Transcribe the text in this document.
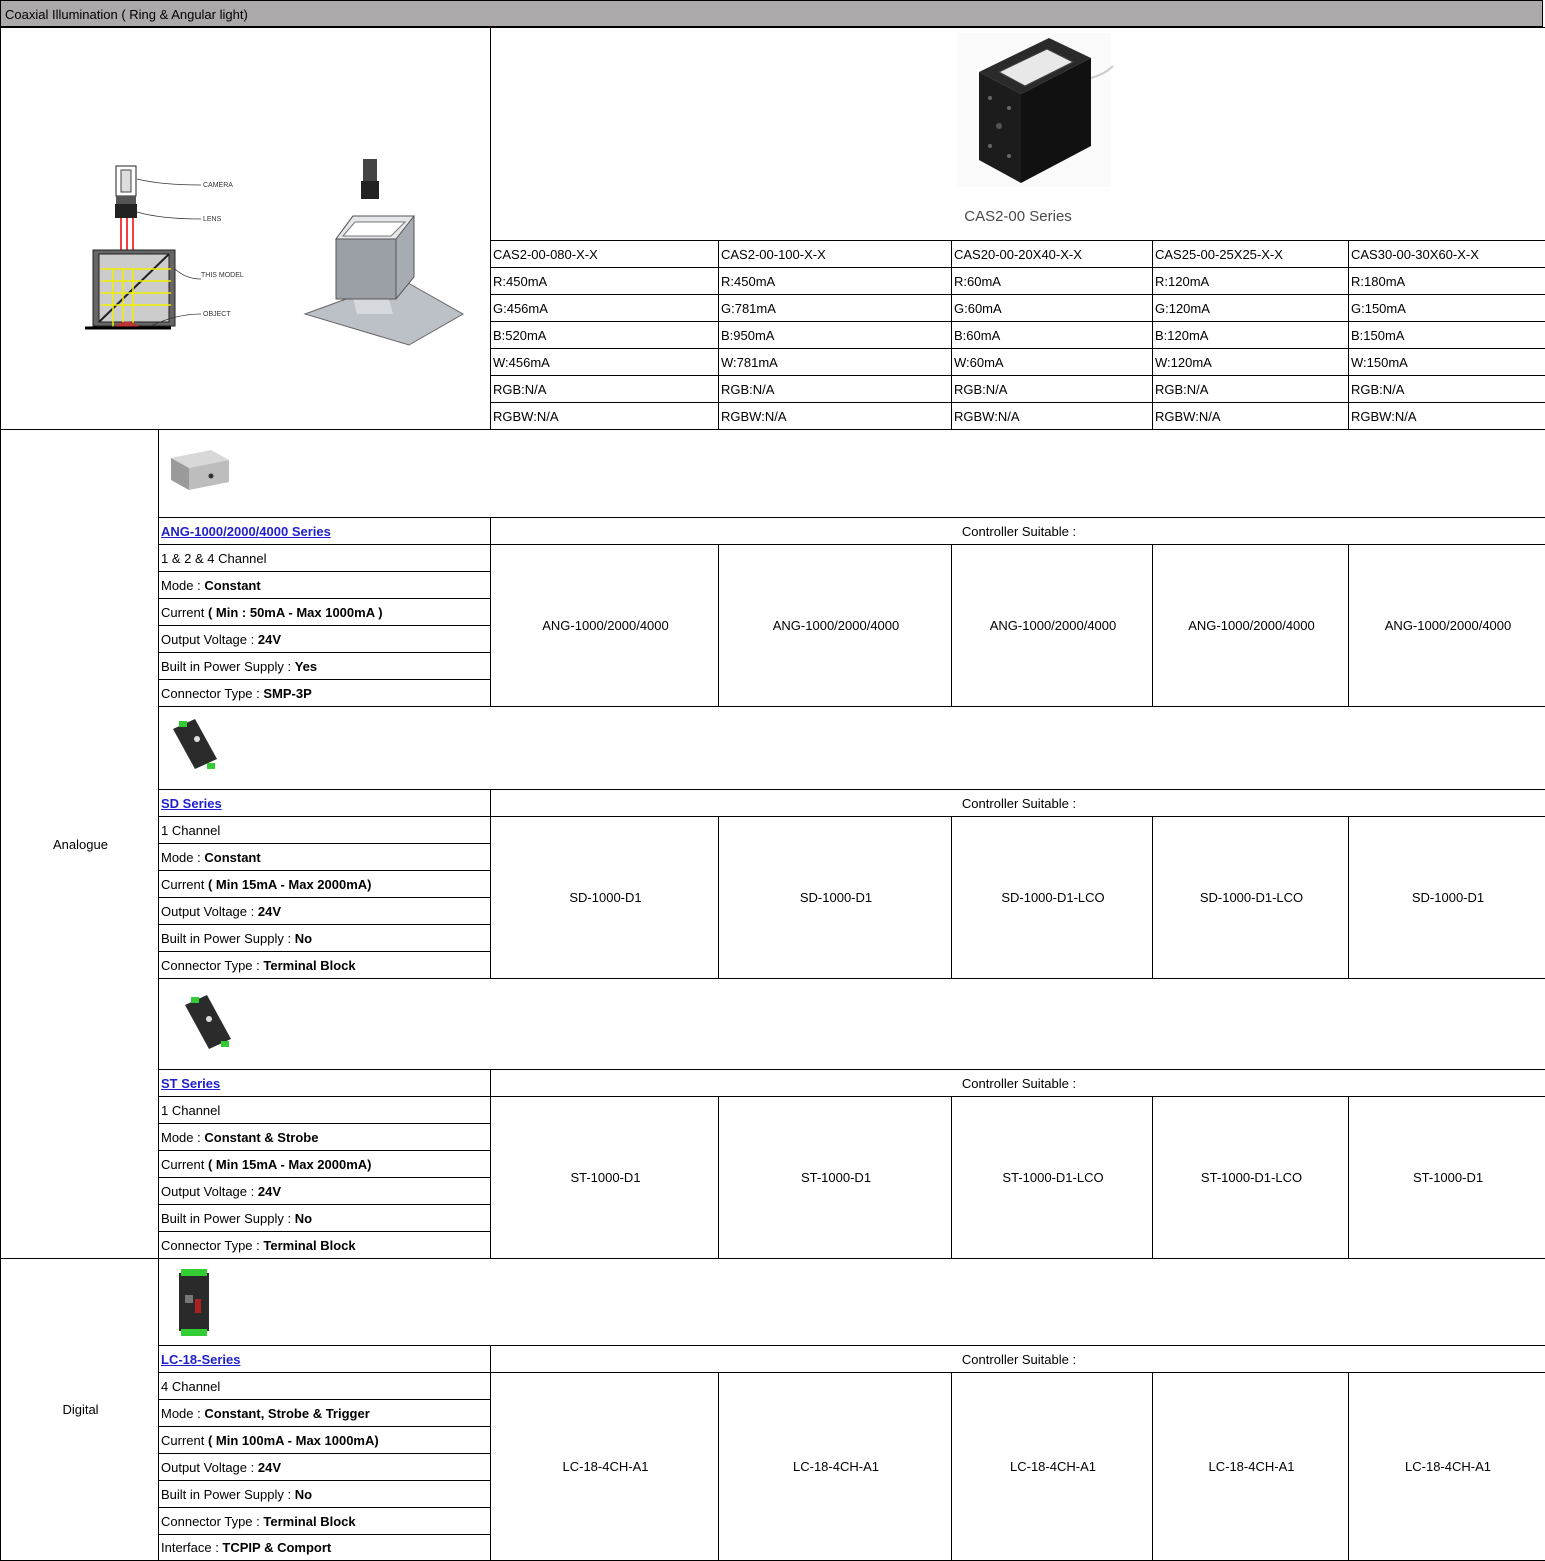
Coaxial Illumination ( Ring & Angular light)
CAMERA
LENS
THIS MODEL
OBJECT		CAS2-00 Series				

		CAS2-00-080-X-X	CAS2-00-100-X-X	CAS20-00-20X40-X-X	CAS25-00-25X25-X-X	CAS30-00-30X60-X-X
		R:450mA	R:450mA	R:60mA	R:120mA	R:180mA
		G:456mA	G:781mA	G:60mA	G:120mA	G:150mA
		B:520mA	B:950mA	B:60mA	B:120mA	B:150mA
		W:456mA	W:781mA	W:60mA	W:120mA	W:150mA
		RGB:N/A	RGB:N/A	RGB:N/A	RGB:N/A	RGB:N/A
		RGBW:N/A	RGBW:N/A	RGBW:N/A	RGBW:N/A	RGBW:N/A
Analogue	

	ANG-1000/2000/4000 Series	Controller Suitable :				
	1 & 2 & 4 Channel	ANG-1000/2000/4000	ANG-1000/2000/4000	ANG-1000/2000/4000	ANG-1000/2000/4000	ANG-1000/2000/4000
	Mode : Constant					
	Current ( Min : 50mA - Max 1000mA )					
	Output Voltage : 24V					
	Built in Power Supply : Yes					
	Connector Type : SMP-3P					

	SD Series	Controller Suitable :				
	1 Channel	SD-1000-D1	SD-1000-D1	SD-1000-D1-LCO	SD-1000-D1-LCO	SD-1000-D1
	Mode : Constant					
	Current ( Min 15mA - Max 2000mA)					
	Output Voltage : 24V					
	Built in Power Supply : No					
	Connector Type : Terminal Block					

	ST Series	Controller Suitable :				
	1 Channel	ST-1000-D1	ST-1000-D1	ST-1000-D1-LCO	ST-1000-D1-LCO	ST-1000-D1
	Mode : Constant & Strobe					
	Current ( Min 15mA - Max 2000mA)					
	Output Voltage : 24V					
	Built in Power Supply : No					
	Connector Type : Terminal Block					
Digital	

	LC-18-Series	Controller Suitable :				
	4 Channel	LC-18-4CH-A1	LC-18-4CH-A1	LC-18-4CH-A1	LC-18-4CH-A1	LC-18-4CH-A1
	Mode : Constant, Strobe & Trigger					
	Current ( Min 100mA - Max 1000mA)					
	Output Voltage : 24V					
	Built in Power Supply : No					
	Connector Type : Terminal Block					
	Interface : TCPIP & Comport					
